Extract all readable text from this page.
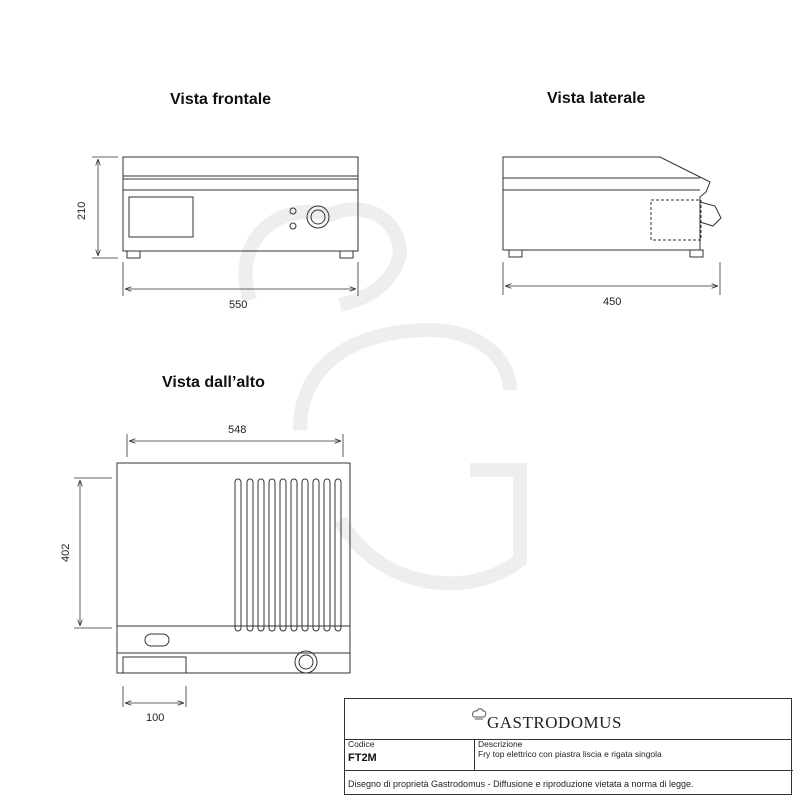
Vista frontale	Vista laterale
Vista dall’alto
210
550	450
548
402
100	GASTRODOMUS
Codice
FT2M
Descrizione
Fry top elettrico con piastra liscia e rigata singola
Disegno di proprietà Gastrodomus - Diffusione e riproduzione vietata a norma di legge.
